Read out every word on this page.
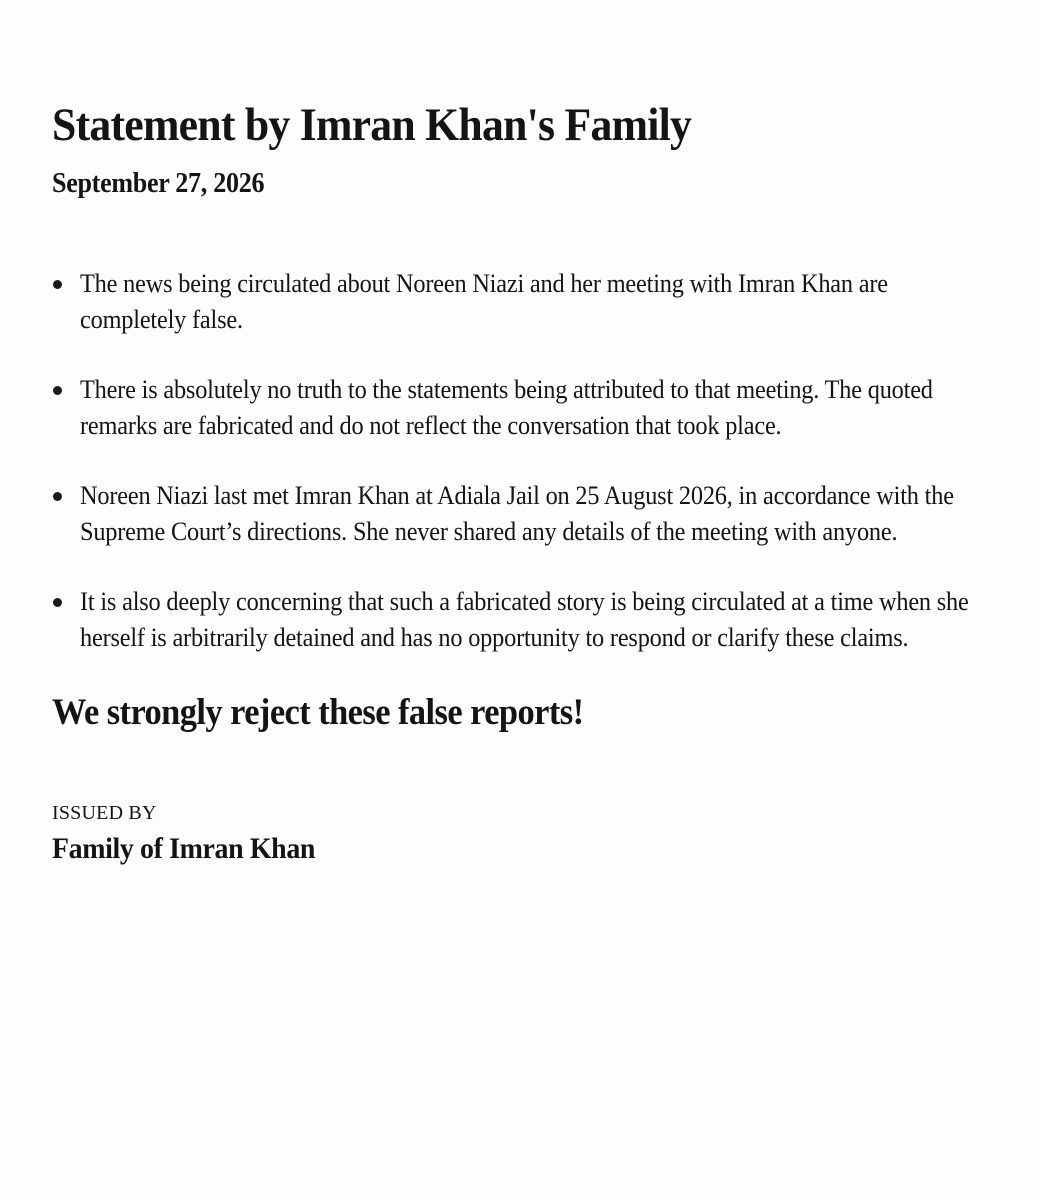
Statement by Imran Khan's Family
September 27, 2026
The news being circulated about Noreen Niazi and her meeting with Imran Khan are completely false.
There is absolutely no truth to the statements being attributed to that meeting. The quoted remarks are fabricated and do not reflect the conversation that took place.
Noreen Niazi last met Imran Khan at Adiala Jail on 25 August 2026, in accordance with the Supreme Court’s directions. She never shared any details of the meeting with anyone.
It is also deeply concerning that such a fabricated story is being circulated at a time when she herself is arbitrarily detained and has no opportunity to respond or clarify these claims.
We strongly reject these false reports!
ISSUED BY
Family of Imran Khan
